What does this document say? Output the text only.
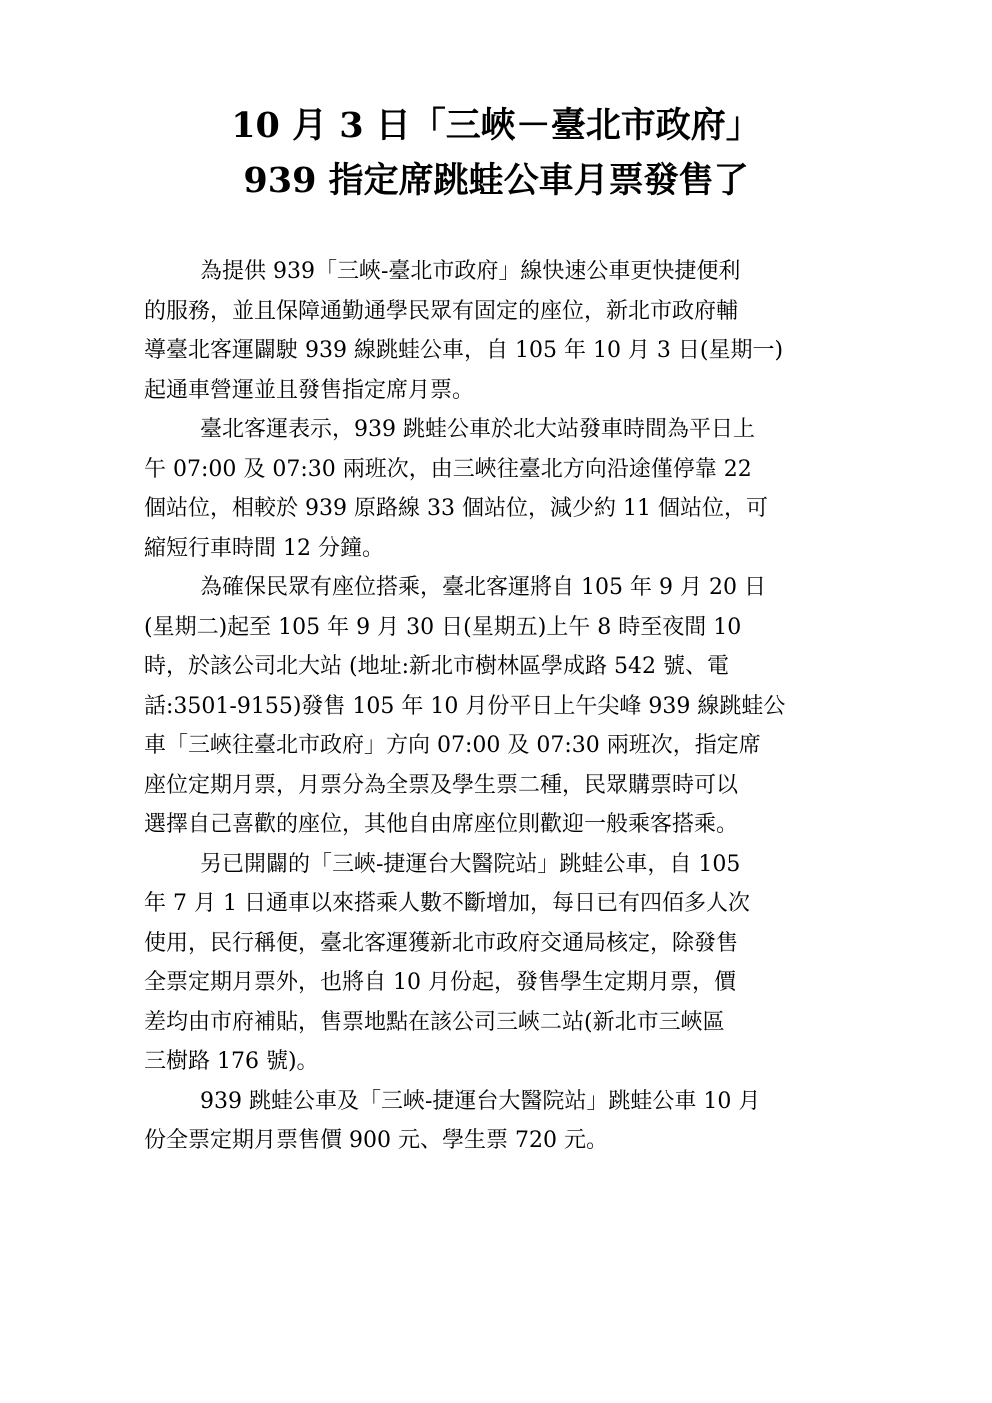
10 月 3 日「三峽－臺北市政府」
939 指定席跳蛙公車月票發售了
為提供 939「三峽-臺北市政府」線快速公車更快捷便利
的服務，並且保障通勤通學民眾有固定的座位，新北市政府輔
導臺北客運闢駛 939 線跳蛙公車，自 105 年 10 月 3 日(星期一)
起通車營運並且發售指定席月票。
臺北客運表示，939 跳蛙公車於北大站發車時間為平日上
午 07:00 及 07:30 兩班次，由三峽往臺北方向沿途僅停靠 22
個站位，相較於 939 原路線 33 個站位，減少約 11 個站位，可
縮短行車時間 12 分鐘。
為確保民眾有座位搭乘，臺北客運將自 105 年 9 月 20 日
(星期二)起至 105 年 9 月 30 日(星期五)上午 8 時至夜間 10
時，於該公司北大站 (地址:新北市樹林區學成路 542 號、電
話:3501-9155)發售 105 年 10 月份平日上午尖峰 939 線跳蛙公
車「三峽往臺北市政府」方向 07:00 及 07:30 兩班次，指定席
座位定期月票，月票分為全票及學生票二種，民眾購票時可以
選擇自己喜歡的座位，其他自由席座位則歡迎一般乘客搭乘。
另已開闢的「三峽-捷運台大醫院站」跳蛙公車，自 105
年 7 月 1 日通車以來搭乘人數不斷增加，每日已有四佰多人次
使用，民行稱便，臺北客運獲新北市政府交通局核定，除發售
全票定期月票外，也將自 10 月份起，發售學生定期月票，價
差均由市府補貼，售票地點在該公司三峽二站(新北市三峽區
三樹路 176 號)。
939 跳蛙公車及「三峽-捷運台大醫院站」跳蛙公車 10 月
份全票定期月票售價 900 元、學生票 720 元。
